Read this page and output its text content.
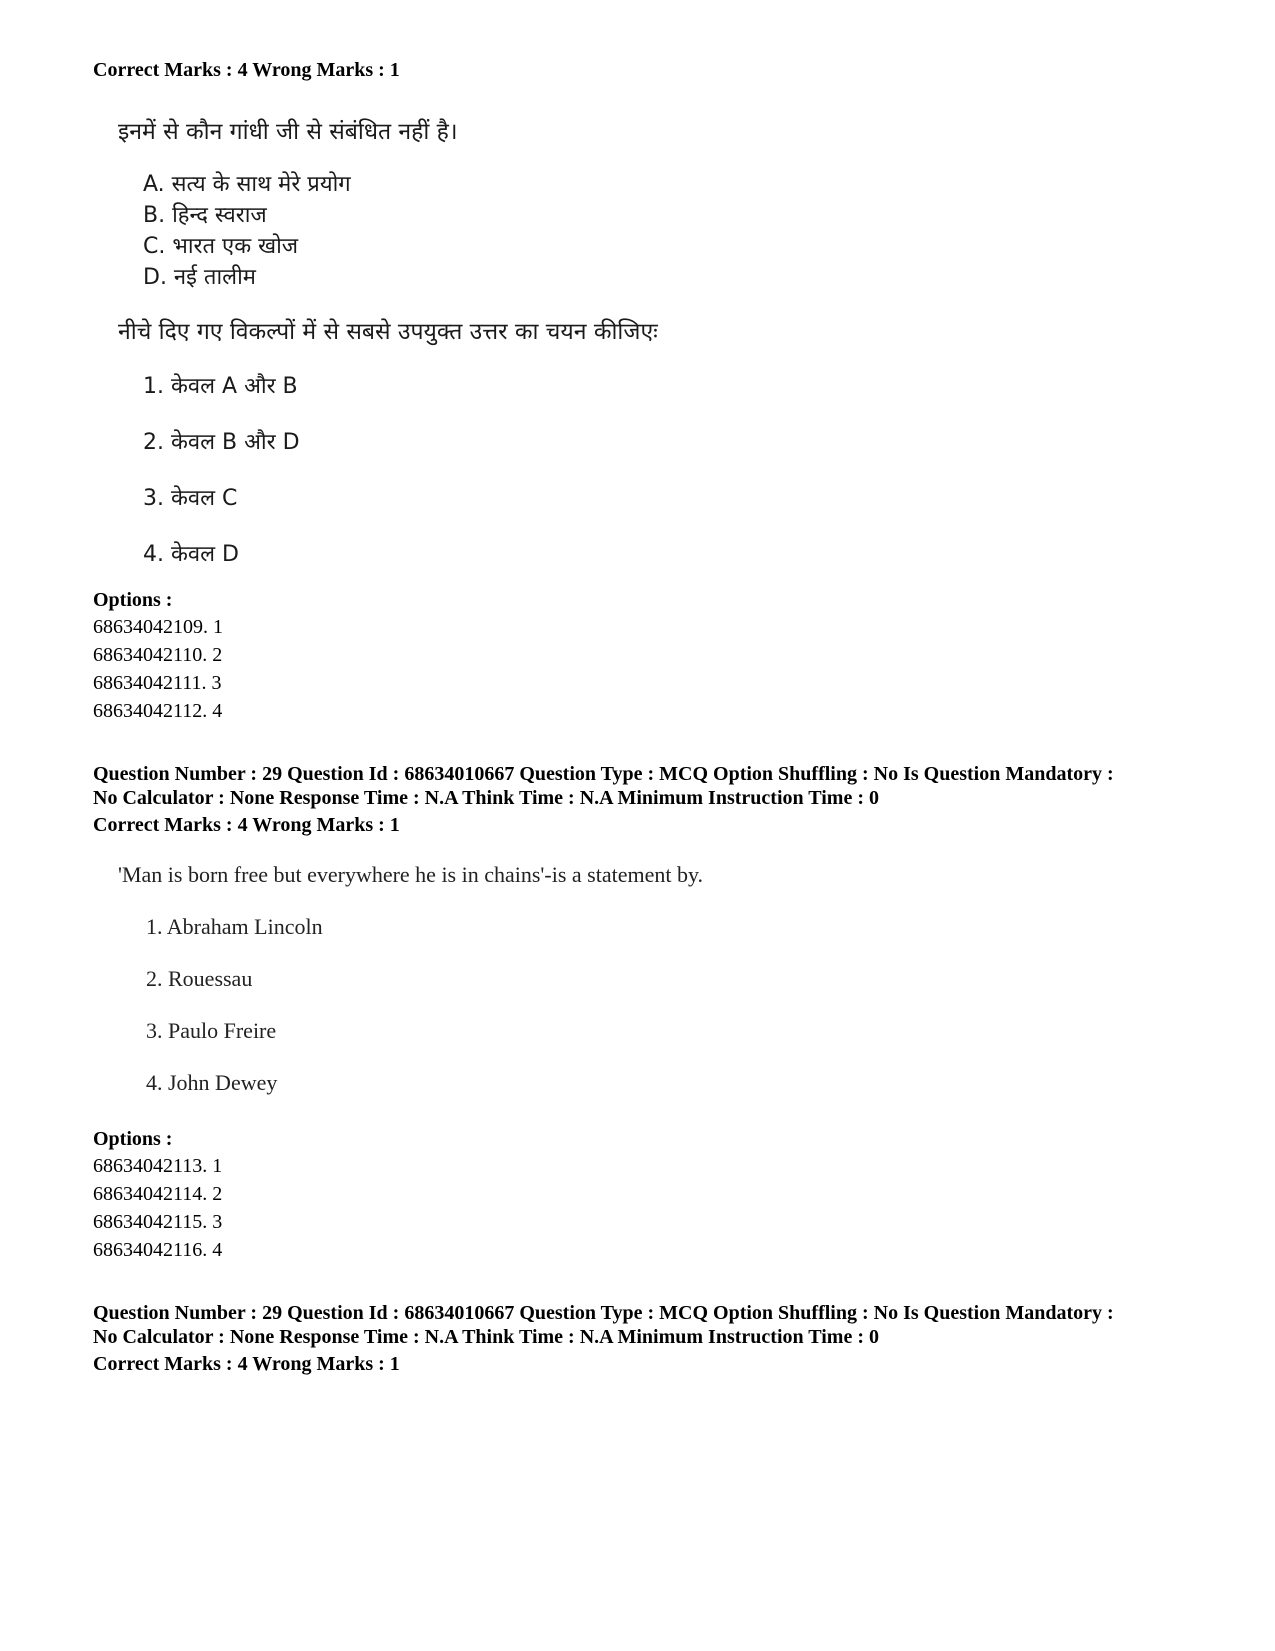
Correct Marks : 4 Wrong Marks : 1
इनमें से कौन गांधी जी से संबंधित नहीं है।
A. सत्य के साथ मेरे प्रयोग
B. हिन्द स्वराज
C. भारत एक खोज
D. नई तालीम
नीचे दिए गए विकल्पों में से सबसे उपयुक्त उत्तर का चयन कीजिएः
1. केवल A और B
2. केवल B और D
3. केवल C
4. केवल D
Options :
68634042109. 1
68634042110. 2
68634042111. 3
68634042112. 4
Question Number : 29 Question Id : 68634010667 Question Type : MCQ Option Shuffling : No Is Question Mandatory :
No Calculator : None Response Time : N.A Think Time : N.A Minimum Instruction Time : 0
Correct Marks : 4 Wrong Marks : 1
'Man is born free but everywhere he is in chains'-is a statement by.
1. Abraham Lincoln
2. Rouessau
3. Paulo Freire
4. John Dewey
Options :
68634042113. 1
68634042114. 2
68634042115. 3
68634042116. 4
Question Number : 29 Question Id : 68634010667 Question Type : MCQ Option Shuffling : No Is Question Mandatory :
No Calculator : None Response Time : N.A Think Time : N.A Minimum Instruction Time : 0
Correct Marks : 4 Wrong Marks : 1
